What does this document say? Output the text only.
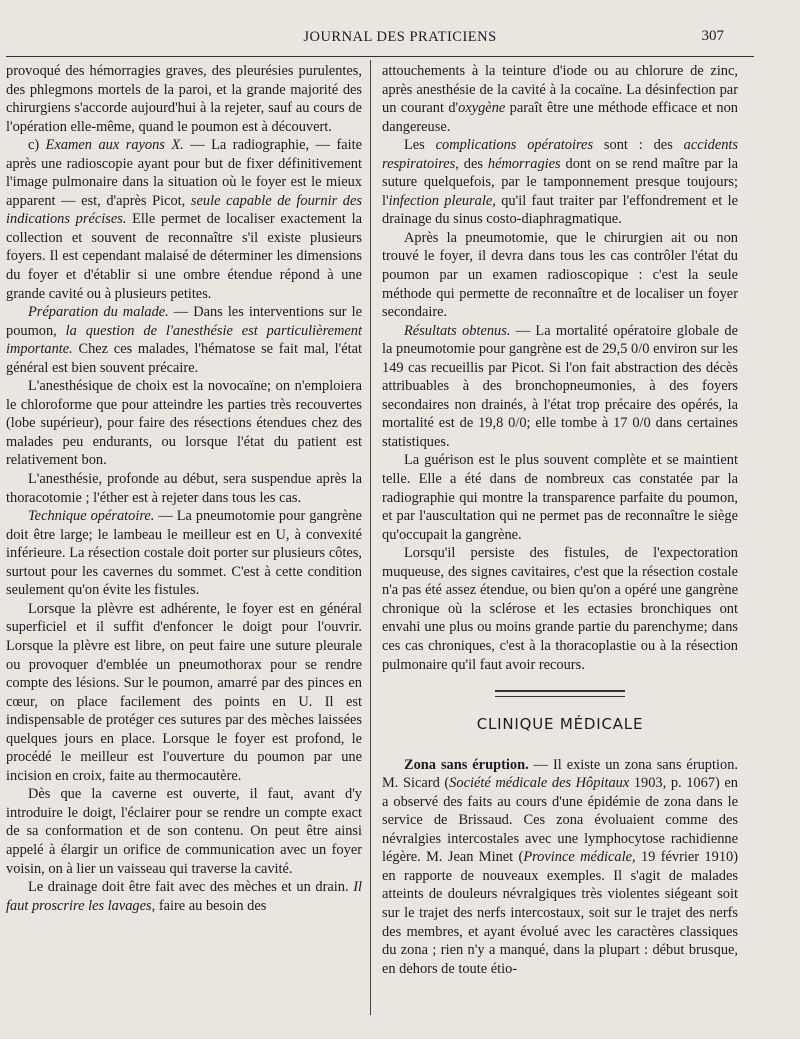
JOURNAL DES PRATICIENS	307

provoqué des hémorragies graves, des pleurésies purulentes, des phlegmons mortels de la paroi, et la grande majorité des chirurgiens s'accorde aujourd'hui à la rejeter, sauf au cours de l'opération elle-même, quand le poumon est à découvert.

c) Examen aux rayons X. — La radiographie, — faite après une radioscopie ayant pour but de fixer définitivement l'image pulmonaire dans la situation où le foyer est le mieux apparent — est, d'après Picot, seule capable de fournir des indications précises. Elle permet de localiser exactement la collection et souvent de reconnaître s'il existe plusieurs foyers. Il est cependant malaisé de déterminer les dimensions du foyer et d'établir si une ombre étendue répond à une grande cavité ou à plusieurs petites.

Préparation du malade. — Dans les interventions sur le poumon, la question de l'anesthésie est particulièrement importante. Chez ces malades, l'hématose se fait mal, l'état général est bien souvent précaire.

L'anesthésique de choix est la novocaïne; on n'emploiera le chloroforme que pour atteindre les parties très recouvertes (lobe supérieur), pour faire des résections étendues chez des malades peu endurants, ou lorsque l'état du patient est relativement bon.

L'anesthésie, profonde au début, sera suspendue après la thoracotomie ; l'éther est à rejeter dans tous les cas.

Technique opératoire. — La pneumotomie pour gangrène doit être large; le lambeau le meilleur est en U, à convexité inférieure. La résection costale doit porter sur plusieurs côtes, surtout pour les cavernes du sommet. C'est à cette condition seulement qu'on évite les fistules.

Lorsque la plèvre est adhérente, le foyer est en général superficiel et il suffit d'enfoncer le doigt pour l'ouvrir. Lorsque la plèvre est libre, on peut faire une suture pleurale ou provoquer d'emblée un pneumothorax pour se rendre compte des lésions. Sur le poumon, amarré par des pinces en cœur, on place facilement des points en U. Il est indispensable de protéger ces sutures par des mèches laissées quelques jours en place. Lorsque le foyer est profond, le procédé le meilleur est l'ouverture du poumon par une incision en croix, faite au thermocautère.

Dès que la caverne est ouverte, il faut, avant d'y introduire le doigt, l'éclairer pour se rendre un compte exact de sa conformation et de son contenu. On peut être ainsi appelé à élargir un orifice de communication avec un foyer voisin, on à lier un vaisseau qui traverse la cavité.

Le drainage doit être fait avec des mèches et un drain. Il faut proscrire les lavages, faire au besoin des

attouchements à la teinture d'iode ou au chlorure de zinc, après anesthésie de la cavité à la cocaïne. La désinfection par un courant d'oxygène paraît être une méthode efficace et non dangereuse.

Les complications opératoires sont : des accidents respiratoires, des hémorragies dont on se rend maître par la suture quelquefois, par le tamponnement presque toujours; l'infection pleurale, qu'il faut traiter par l'effondrement et le drainage du sinus costo-diaphragmatique.

Après la pneumotomie, que le chirurgien ait ou non trouvé le foyer, il devra dans tous les cas contrôler l'état du poumon par un examen radioscopique : c'est la seule méthode qui permette de reconnaître et de localiser un foyer secondaire.

Résultats obtenus. — La mortalité opératoire globale de la pneumotomie pour gangrène est de 29,5 0/0 environ sur les 149 cas recueillis par Picot. Si l'on fait abstraction des décès attribuables à des bronchopneumonies, à des foyers secondaires non drainés, à l'état trop précaire des opérés, la mortalité est de 19,8 0/0; elle tombe à 17 0/0 dans certaines statistiques.

La guérison est le plus souvent complète et se maintient telle. Elle a été dans de nombreux cas constatée par la radiographie qui montre la transparence parfaite du poumon, et par l'auscultation qui ne permet pas de reconnaître le siège qu'occupait la gangrène.

Lorsqu'il persiste des fistules, de l'expectoration muqueuse, des signes cavitaires, c'est que la résection costale n'a pas été assez étendue, ou bien qu'on a opéré une gangrène chronique où la sclérose et les ectasies bronchiques ont envahi une plus ou moins grande partie du parenchyme; dans ces cas chroniques, c'est à la thoracoplastie ou à la résection pulmonaire qu'il faut avoir recours.

CLINIQUE MÉDICALE

Zona sans éruption. — Il existe un zona sans éruption. M. Sicard (Société médicale des Hôpitaux 1903, p. 1067) en a observé des faits au cours d'une épidémie de zona dans le service de Brissaud. Ces zona évoluaient comme des névralgies intercostales avec une lymphocytose rachidienne légère. M. Jean Minet (Province médicale, 19 février 1910) en rapporte de nouveaux exemples. Il s'agit de malades atteints de douleurs névralgiques très violentes siégeant soit sur le trajet des nerfs intercostaux, soit sur le trajet des nerfs des membres, et ayant évolué avec les caractères classiques du zona ; rien n'y a manqué, dans la plupart : début brusque, en dehors de toute étio-
